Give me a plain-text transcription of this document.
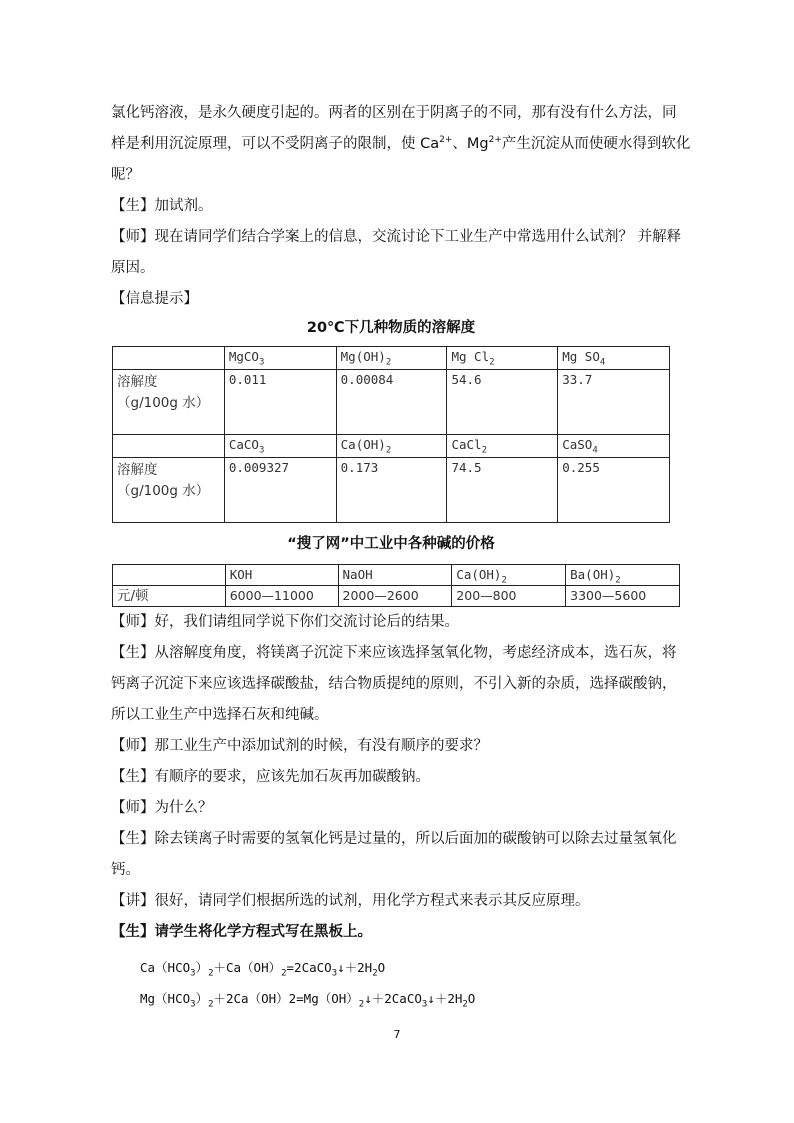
氯化钙溶液，是永久硬度引起的。两者的区别在于阴离子的不同，那有没有什么方法，同
样是利用沉淀原理，可以不受阴离子的限制，使 $Ca^{2+}$、$Mg^{2+}$产生沉淀从而使硬水得到软化
呢？
【生】加试剂。
【师】现在请同学们结合学案上的信息，交流讨论下工业生产中常选用什么试剂？ 并解释
原因。
【信息提示】
20℃下几种物质的溶解度
	MgCO$_3$	$Mg(OH)_2$	Mg $Cl_2$	Mg $SO_4$
溶解度
（g/100g 水）	0.011	0.00084	54.6	33.7
	CaCO$_3$	$Ca(OH)_2$	CaCl$_2$	CaSO$_4$
溶解度
（g/100g 水）	0.009327	0.173	74.5	0.255
“搜了网”中工业中各种碱的价格
	KOH	NaOH	$Ca(OH)_2$	$Ba(OH)_2$
元/顿	6000—11000	2000—2600	200—800	3300—5600
【师】好，我们请组同学说下你们交流讨论后的结果。
【生】从溶解度角度，将镁离子沉淀下来应该选择氢氧化物，考虑经济成本，选石灰，将
钙离子沉淀下来应该选择碳酸盐，结合物质提纯的原则，不引入新的杂质，选择碳酸钠，
所以工业生产中选择石灰和纯碱。
【师】那工业生产中添加试剂的时候，有没有顺序的要求？
【生】有顺序的要求，应该先加石灰再加碳酸钠。
【师】为什么？
【生】除去镁离子时需要的氢氧化钙是过量的，所以后面加的碳酸钠可以除去过量氢氧化
钙。
【讲】很好，请同学们根据所选的试剂，用化学方程式来表示其反应原理。
【生】请学生将化学方程式写在黑板上。
$Ca(HCO_3)_2+Ca(OH)_2=2CaCO_3↓+2H_2O$
$Mg(HCO_3)_2+2Ca(OH)2=Mg(OH)_2↓+2CaCO_3↓+2H_2O$
7
